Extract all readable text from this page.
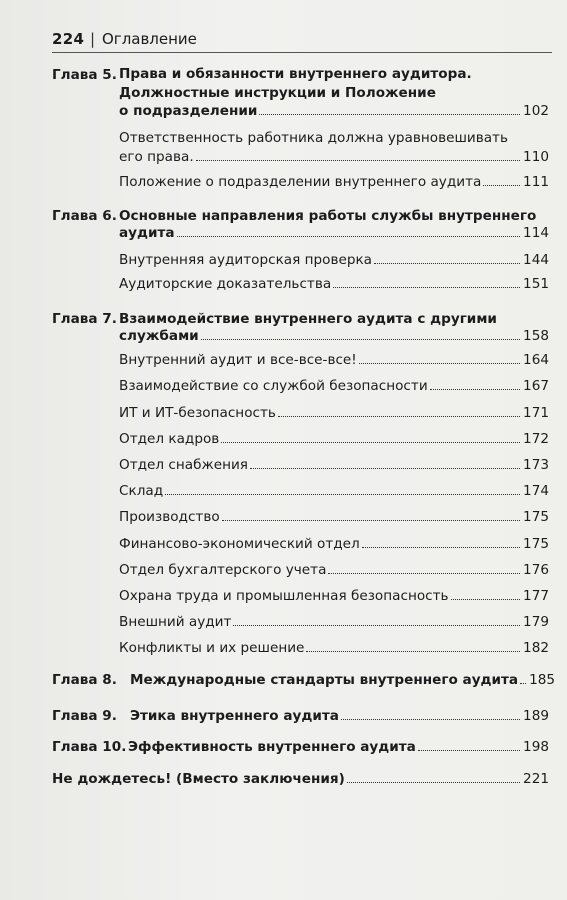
224 | Оглавление
Глава 5. Права и обязанности внутреннего аудитора.
Должностные инструкции и Положение
о подразделении	102
Ответственность работника должна уравновешивать
его права.	110
Положение о подразделении внутреннего аудита	111
Глава 6. Основные направления работы службы внутреннего
аудита	114
Внутренняя аудиторская проверка	144
Аудиторские доказательства	151
Глава 7. Взаимодействие внутреннего аудита с другими
службами	158
Внутренний аудит и все-все-все!	164
Взаимодействие со службой безопасности	167
ИТ и ИТ-безопасность	171
Отдел кадров	172
Отдел снабжения	173
Склад	174
Производство	175
Финансово-экономический отдел	175
Отдел бухгалтерского учета	176
Охрана труда и промышленная безопасность	177
Внешний аудит	179
Конфликты и их решение	182
Глава 8. Международные стандарты внутреннего аудита 185
Глава 9. Этика внутреннего аудита	189
Глава 10. Эффективность внутреннего аудита	198
Не дождетесь! (Вместо заключения)	221
